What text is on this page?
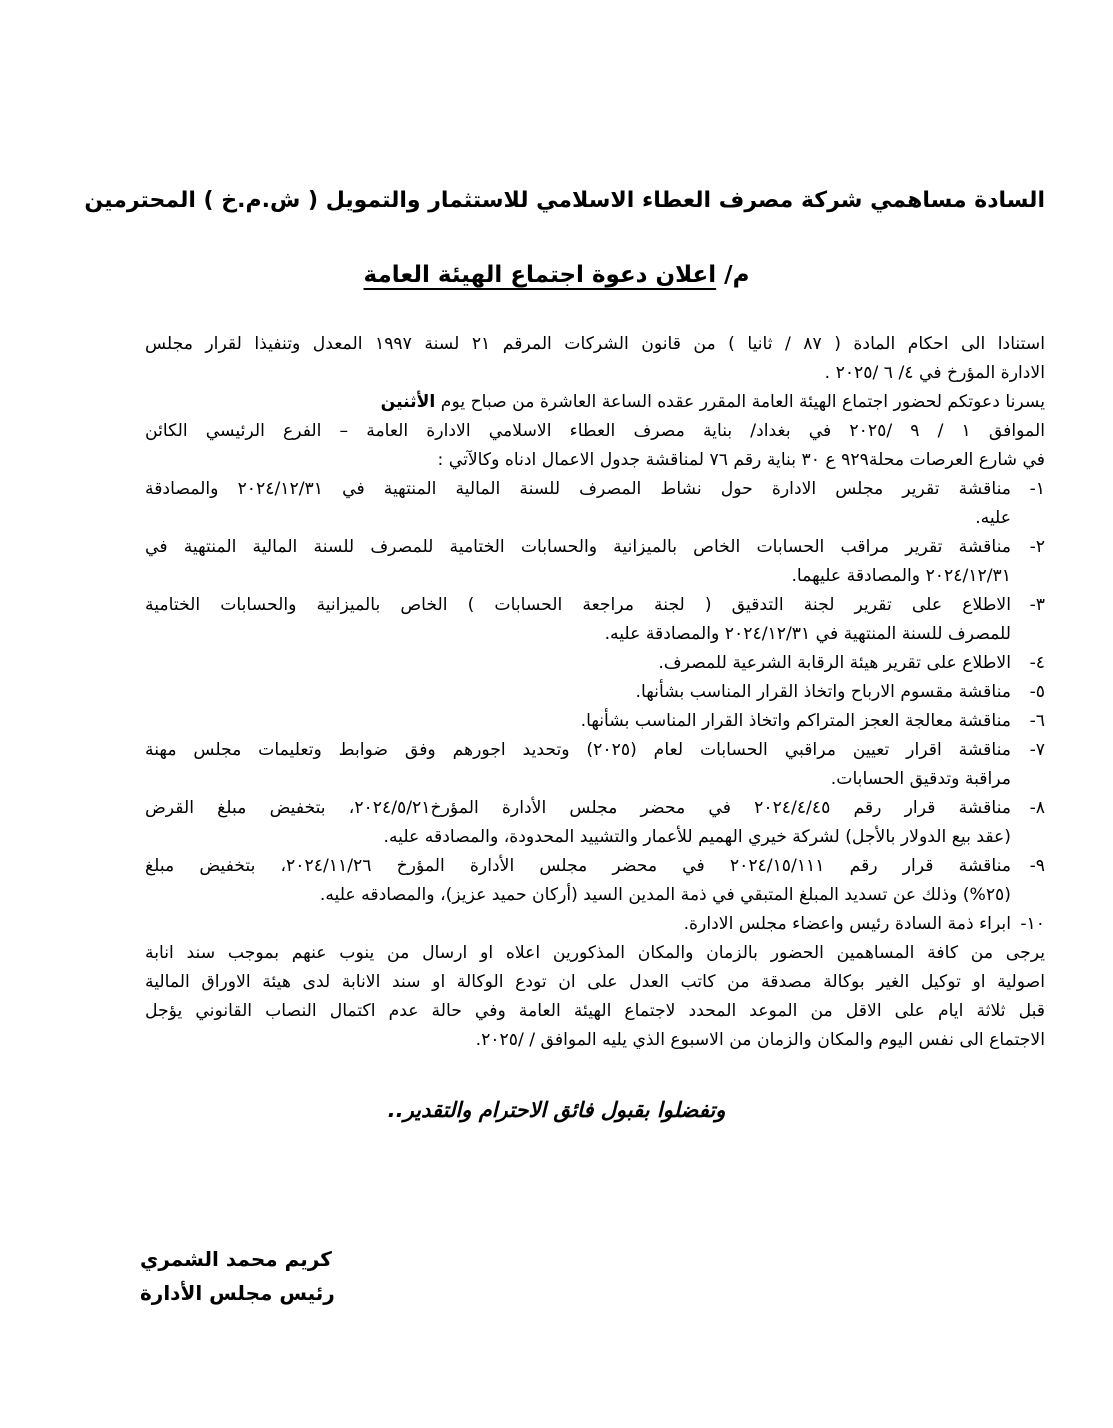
السادة مساهمي شركة مصرف العطاء الاسلامي للاستثمار والتمويل ( ش.م.خ ) المحترمين
م/ اعلان دعوة اجتماع الهيئة العامة
استنادا الى احكام المادة ( ٨٧ / ثانيا ) من قانون الشركات المرقم ٢١ لسنة ١٩٩٧ المعدل وتنفيذا لقرار مجلس
الادارة المؤرخ في ٤/ ٦ /٢٠٢٥ .
يسرنا دعوتكم لحضور اجتماع الهيئة العامة المقرر عقده الساعة العاشرة من صباح يوم الأثنين
الموافق ١ / ٩ /٢٠٢٥ في بغداد/ بناية مصرف العطاء الاسلامي الادارة العامة – الفرع الرئيسي الكائن
في شارع العرصات محلة٩٢٩ ع ٣٠ بناية رقم ٧٦ لمناقشة جدول الاعمال ادناه وكالآتي :
١-
مناقشة تقرير مجلس الادارة حول نشاط المصرف للسنة المالية المنتهية في ٢٠٢٤/١٢/٣١ والمصادقة
عليه.
٢-
مناقشة تقرير مراقب الحسابات الخاص بالميزانية والحسابات الختامية للمصرف للسنة المالية المنتهية في
٢٠٢٤/١٢/٣١ والمصادقة عليهما.
٣-
الاطلاع على تقرير لجنة التدقيق ( لجنة مراجعة الحسابات ) الخاص بالميزانية والحسابات الختامية
للمصرف للسنة المنتهية في ٢٠٢٤/١٢/٣١ والمصادقة عليه.
٤-
الاطلاع على تقرير هيئة الرقابة الشرعية للمصرف.
٥-
مناقشة مقسوم الارباح واتخاذ القرار المناسب بشأنها.
٦-
مناقشة معالجة العجز المتراكم واتخاذ القرار المناسب بشأنها.
٧-
مناقشة اقرار تعيين مراقبي الحسابات لعام (٢٠٢٥) وتحديد اجورهم وفق ضوابط وتعليمات مجلس مهنة
مراقبة وتدقيق الحسابات.
٨-
مناقشة قرار رقم ٢٠٢٤/٤/٤٥ في محضر مجلس الأدارة المؤرخ٢٠٢٤/٥/٢١، بتخفيض مبلغ القرض
(عقد بيع الدولار بالأجل) لشركة خيري الهميم للأعمار والتشييد المحدودة، والمصادقه عليه.
٩-
مناقشة قرار رقم ٢٠٢٤/١٥/١١١ في محضر مجلس الأدارة المؤرخ ٢٠٢٤/١١/٢٦، بتخفيض مبلغ
(٢٥%) وذلك عن تسديد المبلغ المتبقي في ذمة المدين السيد (أركان حميد عزيز)، والمصادقه عليه.
١٠-
ابراء ذمة السادة رئيس واعضاء مجلس الادارة.
يرجى من كافة المساهمين الحضور بالزمان والمكان المذكورين اعلاه او ارسال من ينوب عنهم بموجب سند انابة
اصولية او توكيل الغير بوكالة مصدقة من كاتب العدل على ان تودع الوكالة او سند الانابة لدى هيئة الاوراق المالية
قبل ثلاثة ايام على الاقل من الموعد المحدد لاجتماع الهيئة العامة وفي حالة عدم اكتمال النصاب القانوني يؤجل
الاجتماع الى نفس اليوم والمكان والزمان من الاسبوع الذي يليه الموافق / /٢٠٢٥.
وتفضلوا بقبول فائق الاحترام والتقدير..
كريم محمد الشمري
رئيس مجلس الأدارة
